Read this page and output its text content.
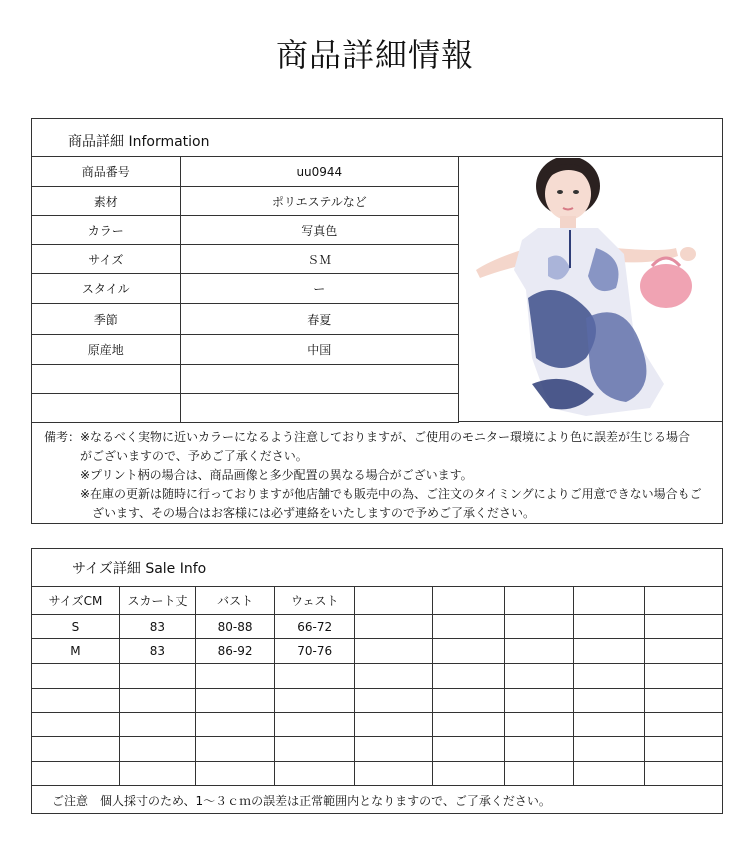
商品詳細情報
商品詳細 Information
商品番号	uu0944
素材	ポリエステルなど
カラー	写真色
サイズ	ＳＭ
スタイル	ー
季節	春夏
原産地	中国

備考：※なるべく実物に近いカラーになるよう注意しておりますが、ご使用のモニター環境により色に誤差が生じる場合
　　　がございますので、予めご了承ください。
　　　※プリント柄の場合は、商品画像と多少配置の異なる場合がございます。
　　　※在庫の更新は随時に行っておりますが他店舗でも販売中の為、ご注文のタイミングによりご用意できない場合もご
　　　　ざいます、その場合はお客様には必ず連絡をいたしますので予めご了承ください。
サイズ詳細 Sale Info
サイズCM	スカート丈	バスト	ウェスト					
S	83	80-88	66-72					
M	83	86-92	70-76					

ご注意　個人採寸のため、1～３ｃｍの誤差は正常範囲内となりますので、ご了承ください。
